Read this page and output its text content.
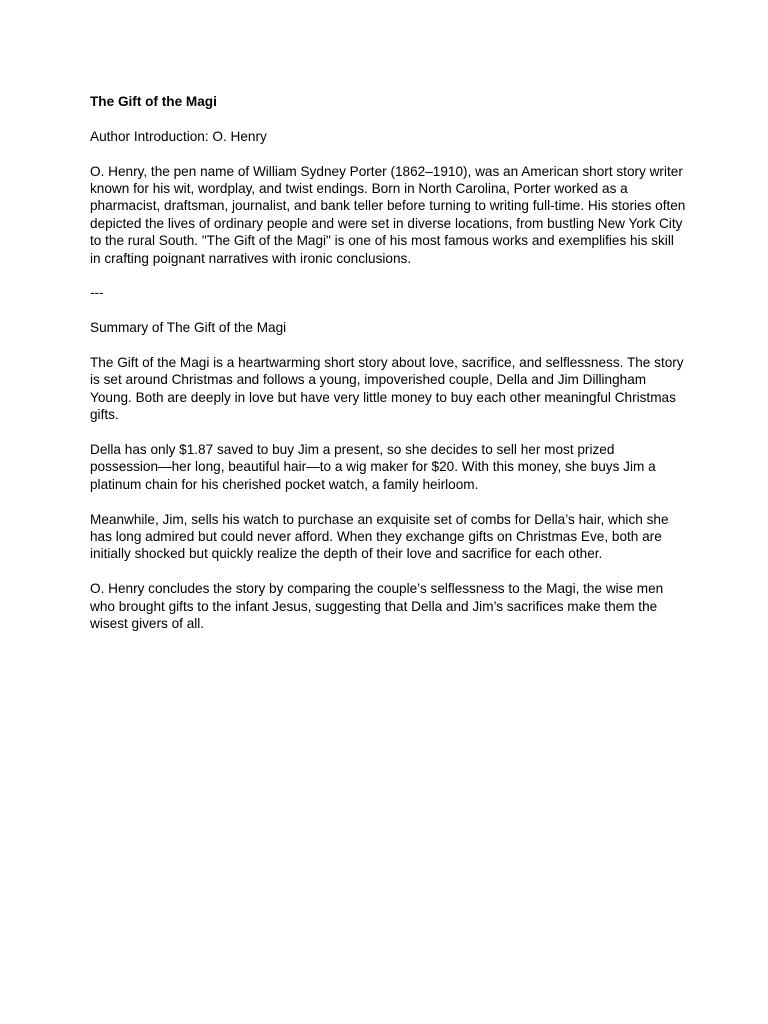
The Gift of the Magi

Author Introduction: O. Henry

O. Henry, the pen name of William Sydney Porter (1862–1910), was an American short story writer known for his wit, wordplay, and twist endings. Born in North Carolina, Porter worked as a pharmacist, draftsman, journalist, and bank teller before turning to writing full-time. His stories often depicted the lives of ordinary people and were set in diverse locations, from bustling New York City to the rural South. "The Gift of the Magi" is one of his most famous works and exemplifies his skill in crafting poignant narratives with ironic conclusions.

---

Summary of The Gift of the Magi

The Gift of the Magi is a heartwarming short story about love, sacrifice, and selflessness. The story is set around Christmas and follows a young, impoverished couple, Della and Jim Dillingham Young. Both are deeply in love but have very little money to buy each other meaningful Christmas gifts.

Della has only $1.87 saved to buy Jim a present, so she decides to sell her most prized possession—her long, beautiful hair—to a wig maker for $20. With this money, she buys Jim a platinum chain for his cherished pocket watch, a family heirloom.

Meanwhile, Jim, sells his watch to purchase an exquisite set of combs for Della’s hair, which she has long admired but could never afford. When they exchange gifts on Christmas Eve, both are initially shocked but quickly realize the depth of their love and sacrifice for each other.

O. Henry concludes the story by comparing the couple’s selflessness to the Magi, the wise men who brought gifts to the infant Jesus, suggesting that Della and Jim’s sacrifices make them the wisest givers of all.
